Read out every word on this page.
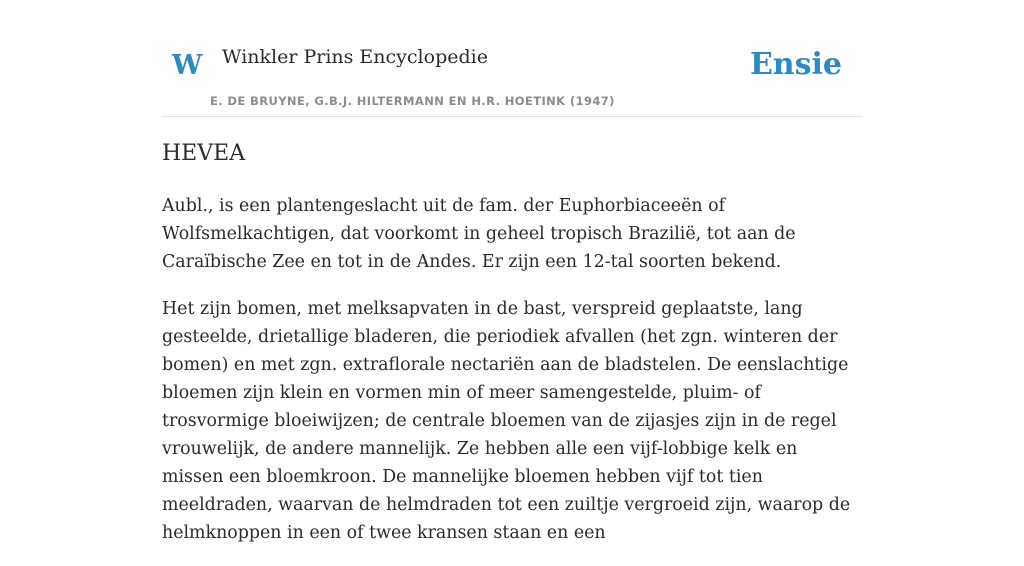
W Winkler Prins Encyclopedie
E. DE BRUYNE, G.B.J. HILTERMANN EN H.R. HOETINK (1947)
Ensie
HEVEA

Aubl., is een plantengeslacht uit de fam. der Euphorbiaceeën of Wolfsmelkachtigen, dat voorkomt in geheel tropisch Brazilië, tot aan de Caraïbische Zee en tot in de Andes. Er zijn een 12-tal soorten bekend.

Het zijn bomen, met melksapvaten in de bast, verspreid geplaatste, lang gesteelde, drietallige bladeren, die periodiek afvallen (het zgn. winteren der bomen) en met zgn. extraflorale nectariën aan de bladstelen. De eenslachtige bloemen zijn klein en vormen min of meer samengestelde, pluim- of trosvormige bloeiwijzen; de centrale bloemen van de zijasjes zijn in de regel vrouwelijk, de andere mannelijk. Ze hebben alle een vijf-lobbige kelk en missen een bloemkroon. De mannelijke bloemen hebben vijf tot tien meeldraden, waarvan de helmdraden tot een zuiltje vergroeid zijn, waarop de helmknoppen in een of twee kransen staan en een
